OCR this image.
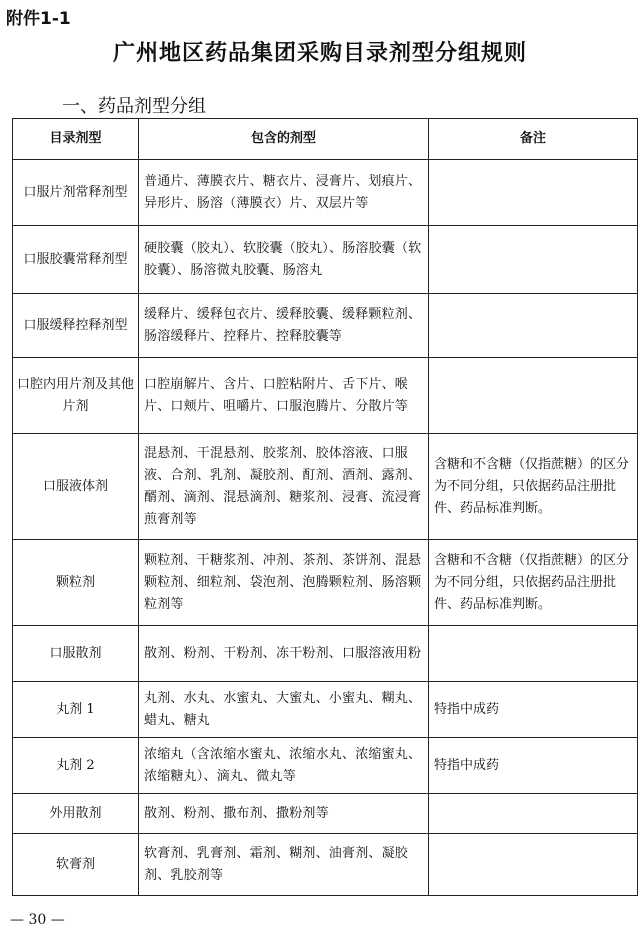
附件1-1
广州地区药品集团采购目录剂型分组规则
一、药品剂型分组
目录剂型	包含的剂型	备注
口服片剂常释剂型	普通片、薄膜衣片、糖衣片、浸膏片、划痕片、异形片、肠溶（薄膜衣）片、双层片等	
口服胶囊常释剂型	硬胶囊（胶丸）、软胶囊（胶丸）、肠溶胶囊（软胶囊）、肠溶微丸胶囊、肠溶丸	
口服缓释控释剂型	缓释片、缓释包衣片、缓释胶囊、缓释颗粒剂、肠溶缓释片、控释片、控释胶囊等	
口腔内用片剂及其他片剂	口腔崩解片、含片、口腔粘附片、舌下片、喉片、口颊片、咀嚼片、口服泡腾片、分散片等	
口服液体剂	混悬剂、干混悬剂、胶浆剂、胶体溶液、口服液、合剂、乳剂、凝胶剂、酊剂、酒剂、露剂、醑剂、滴剂、混悬滴剂、糖浆剂、浸膏、流浸膏煎膏剂等	含糖和不含糖（仅指蔗糖）的区分为不同分组，只依据药品注册批件、药品标准判断。
颗粒剂	颗粒剂、干糖浆剂、冲剂、茶剂、茶饼剂、混悬颗粒剂、细粒剂、袋泡剂、泡腾颗粒剂、肠溶颗粒剂等	含糖和不含糖（仅指蔗糖）的区分为不同分组，只依据药品注册批件、药品标准判断。
口服散剂	散剂、粉剂、干粉剂、冻干粉剂、口服溶液用粉	
丸剂 1	丸剂、水丸、水蜜丸、大蜜丸、小蜜丸、糊丸、蜡丸、糖丸	特指中成药
丸剂 2	浓缩丸（含浓缩水蜜丸、浓缩水丸、浓缩蜜丸、浓缩糖丸）、滴丸、微丸等	特指中成药
外用散剂	散剂、粉剂、撒布剂、撒粉剂等	
软膏剂	软膏剂、乳膏剂、霜剂、糊剂、油膏剂、凝胶剂、乳胶剂等	
— 30 —
